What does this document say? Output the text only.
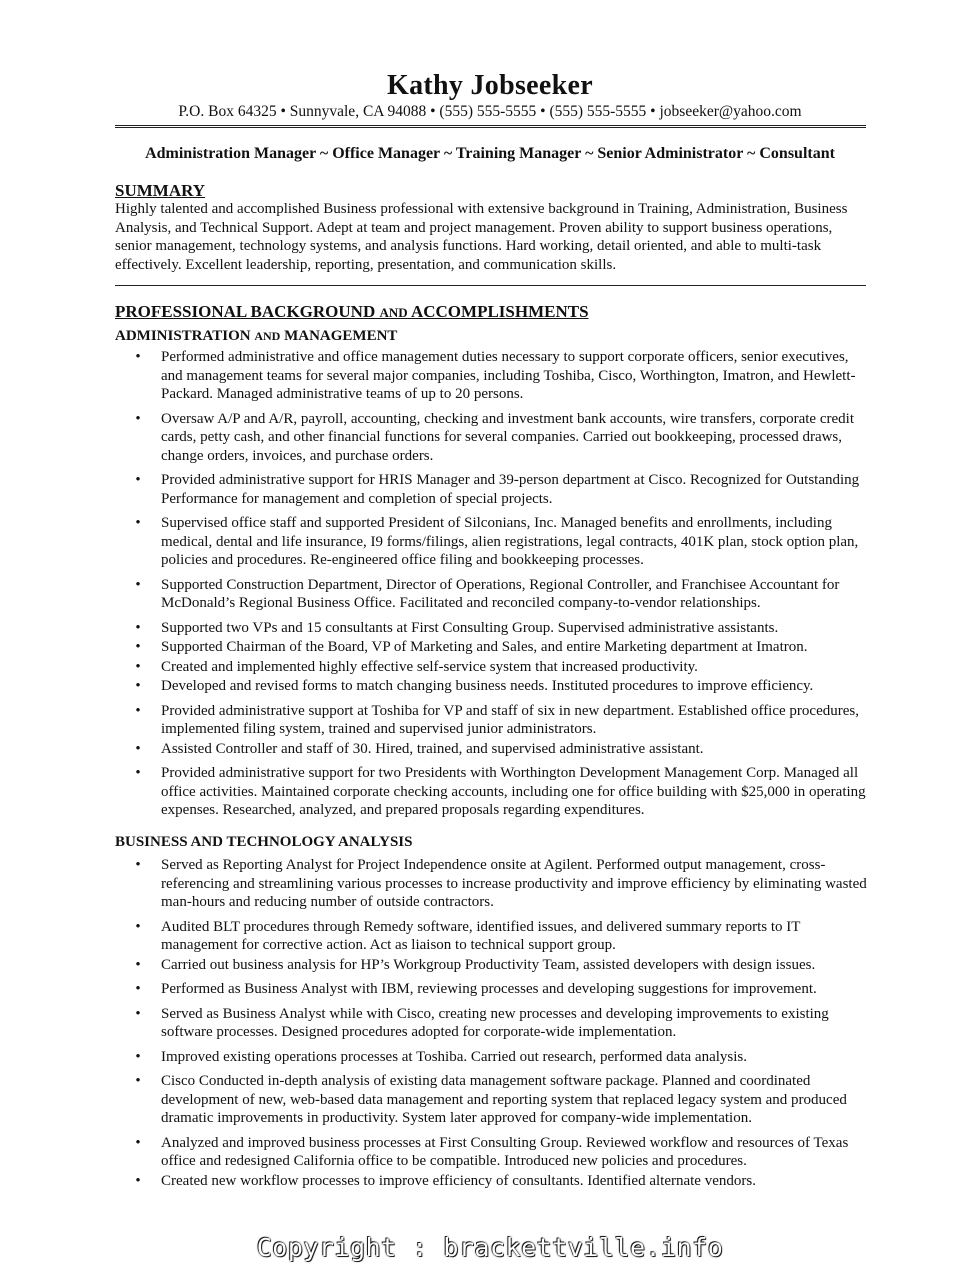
Kathy Jobseeker
P.O. Box 64325 • Sunnyvale, CA 94088 • (555) 555-5555 • (555) 555-5555 • jobseeker@yahoo.com
Administration Manager ~ Office Manager ~ Training Manager ~ Senior Administrator ~ Consultant
SUMMARY
Highly talented and accomplished Business professional with extensive background in Training, Administration, Business Analysis, and Technical Support. Adept at team and project management. Proven ability to support business operations, senior management, technology systems, and analysis functions. Hard working, detail oriented, and able to multi-task effectively. Excellent leadership, reporting, presentation, and communication skills.
PROFESSIONAL BACKGROUND AND ACCOMPLISHMENTS
ADMINISTRATION AND MANAGEMENT
• Performed administrative and office management duties necessary to support corporate officers, senior executives, and management teams for several major companies, including Toshiba, Cisco, Worthington, Imatron, and Hewlett-Packard. Managed administrative teams of up to 20 persons.
• Oversaw A/P and A/R, payroll, accounting, checking and investment bank accounts, wire transfers, corporate credit cards, petty cash, and other financial functions for several companies. Carried out bookkeeping, processed draws, change orders, invoices, and purchase orders.
• Provided administrative support for HRIS Manager and 39-person department at Cisco. Recognized for Outstanding Performance for management and completion of special projects.
• Supervised office staff and supported President of Silconians, Inc. Managed benefits and enrollments, including medical, dental and life insurance, I9 forms/filings, alien registrations, legal contracts, 401K plan, stock option plan, policies and procedures. Re-engineered office filing and bookkeeping processes.
• Supported Construction Department, Director of Operations, Regional Controller, and Franchisee Accountant for McDonald’s Regional Business Office. Facilitated and reconciled company-to-vendor relationships.
• Supported two VPs and 15 consultants at First Consulting Group. Supervised administrative assistants.
• Supported Chairman of the Board, VP of Marketing and Sales, and entire Marketing department at Imatron.
• Created and implemented highly effective self-service system that increased productivity.
• Developed and revised forms to match changing business needs. Instituted procedures to improve efficiency.
• Provided administrative support at Toshiba for VP and staff of six in new department. Established office procedures, implemented filing system, trained and supervised junior administrators.
• Assisted Controller and staff of 30. Hired, trained, and supervised administrative assistant.
• Provided administrative support for two Presidents with Worthington Development Management Corp. Managed all office activities. Maintained corporate checking accounts, including one for office building with $25,000 in operating expenses. Researched, analyzed, and prepared proposals regarding expenditures.
BUSINESS AND TECHNOLOGY ANALYSIS
• Served as Reporting Analyst for Project Independence onsite at Agilent. Performed output management, cross-referencing and streamlining various processes to increase productivity and improve efficiency by eliminating wasted man-hours and reducing number of outside contractors.
• Audited BLT procedures through Remedy software, identified issues, and delivered summary reports to IT management for corrective action. Act as liaison to technical support group.
• Carried out business analysis for HP’s Workgroup Productivity Team, assisted developers with design issues.
• Performed as Business Analyst with IBM, reviewing processes and developing suggestions for improvement.
• Served as Business Analyst while with Cisco, creating new processes and developing improvements to existing software processes. Designed procedures adopted for corporate-wide implementation.
• Improved existing operations processes at Toshiba. Carried out research, performed data analysis.
• Cisco Conducted in-depth analysis of existing data management software package. Planned and coordinated development of new, web-based data management and reporting system that replaced legacy system and produced dramatic improvements in productivity. System later approved for company-wide implementation.
• Analyzed and improved business processes at First Consulting Group. Reviewed workflow and resources of Texas office and redesigned California office to be compatible. Introduced new policies and procedures.
• Created new workflow processes to improve efficiency of consultants. Identified alternate vendors.
Copyright : brackettville.info
